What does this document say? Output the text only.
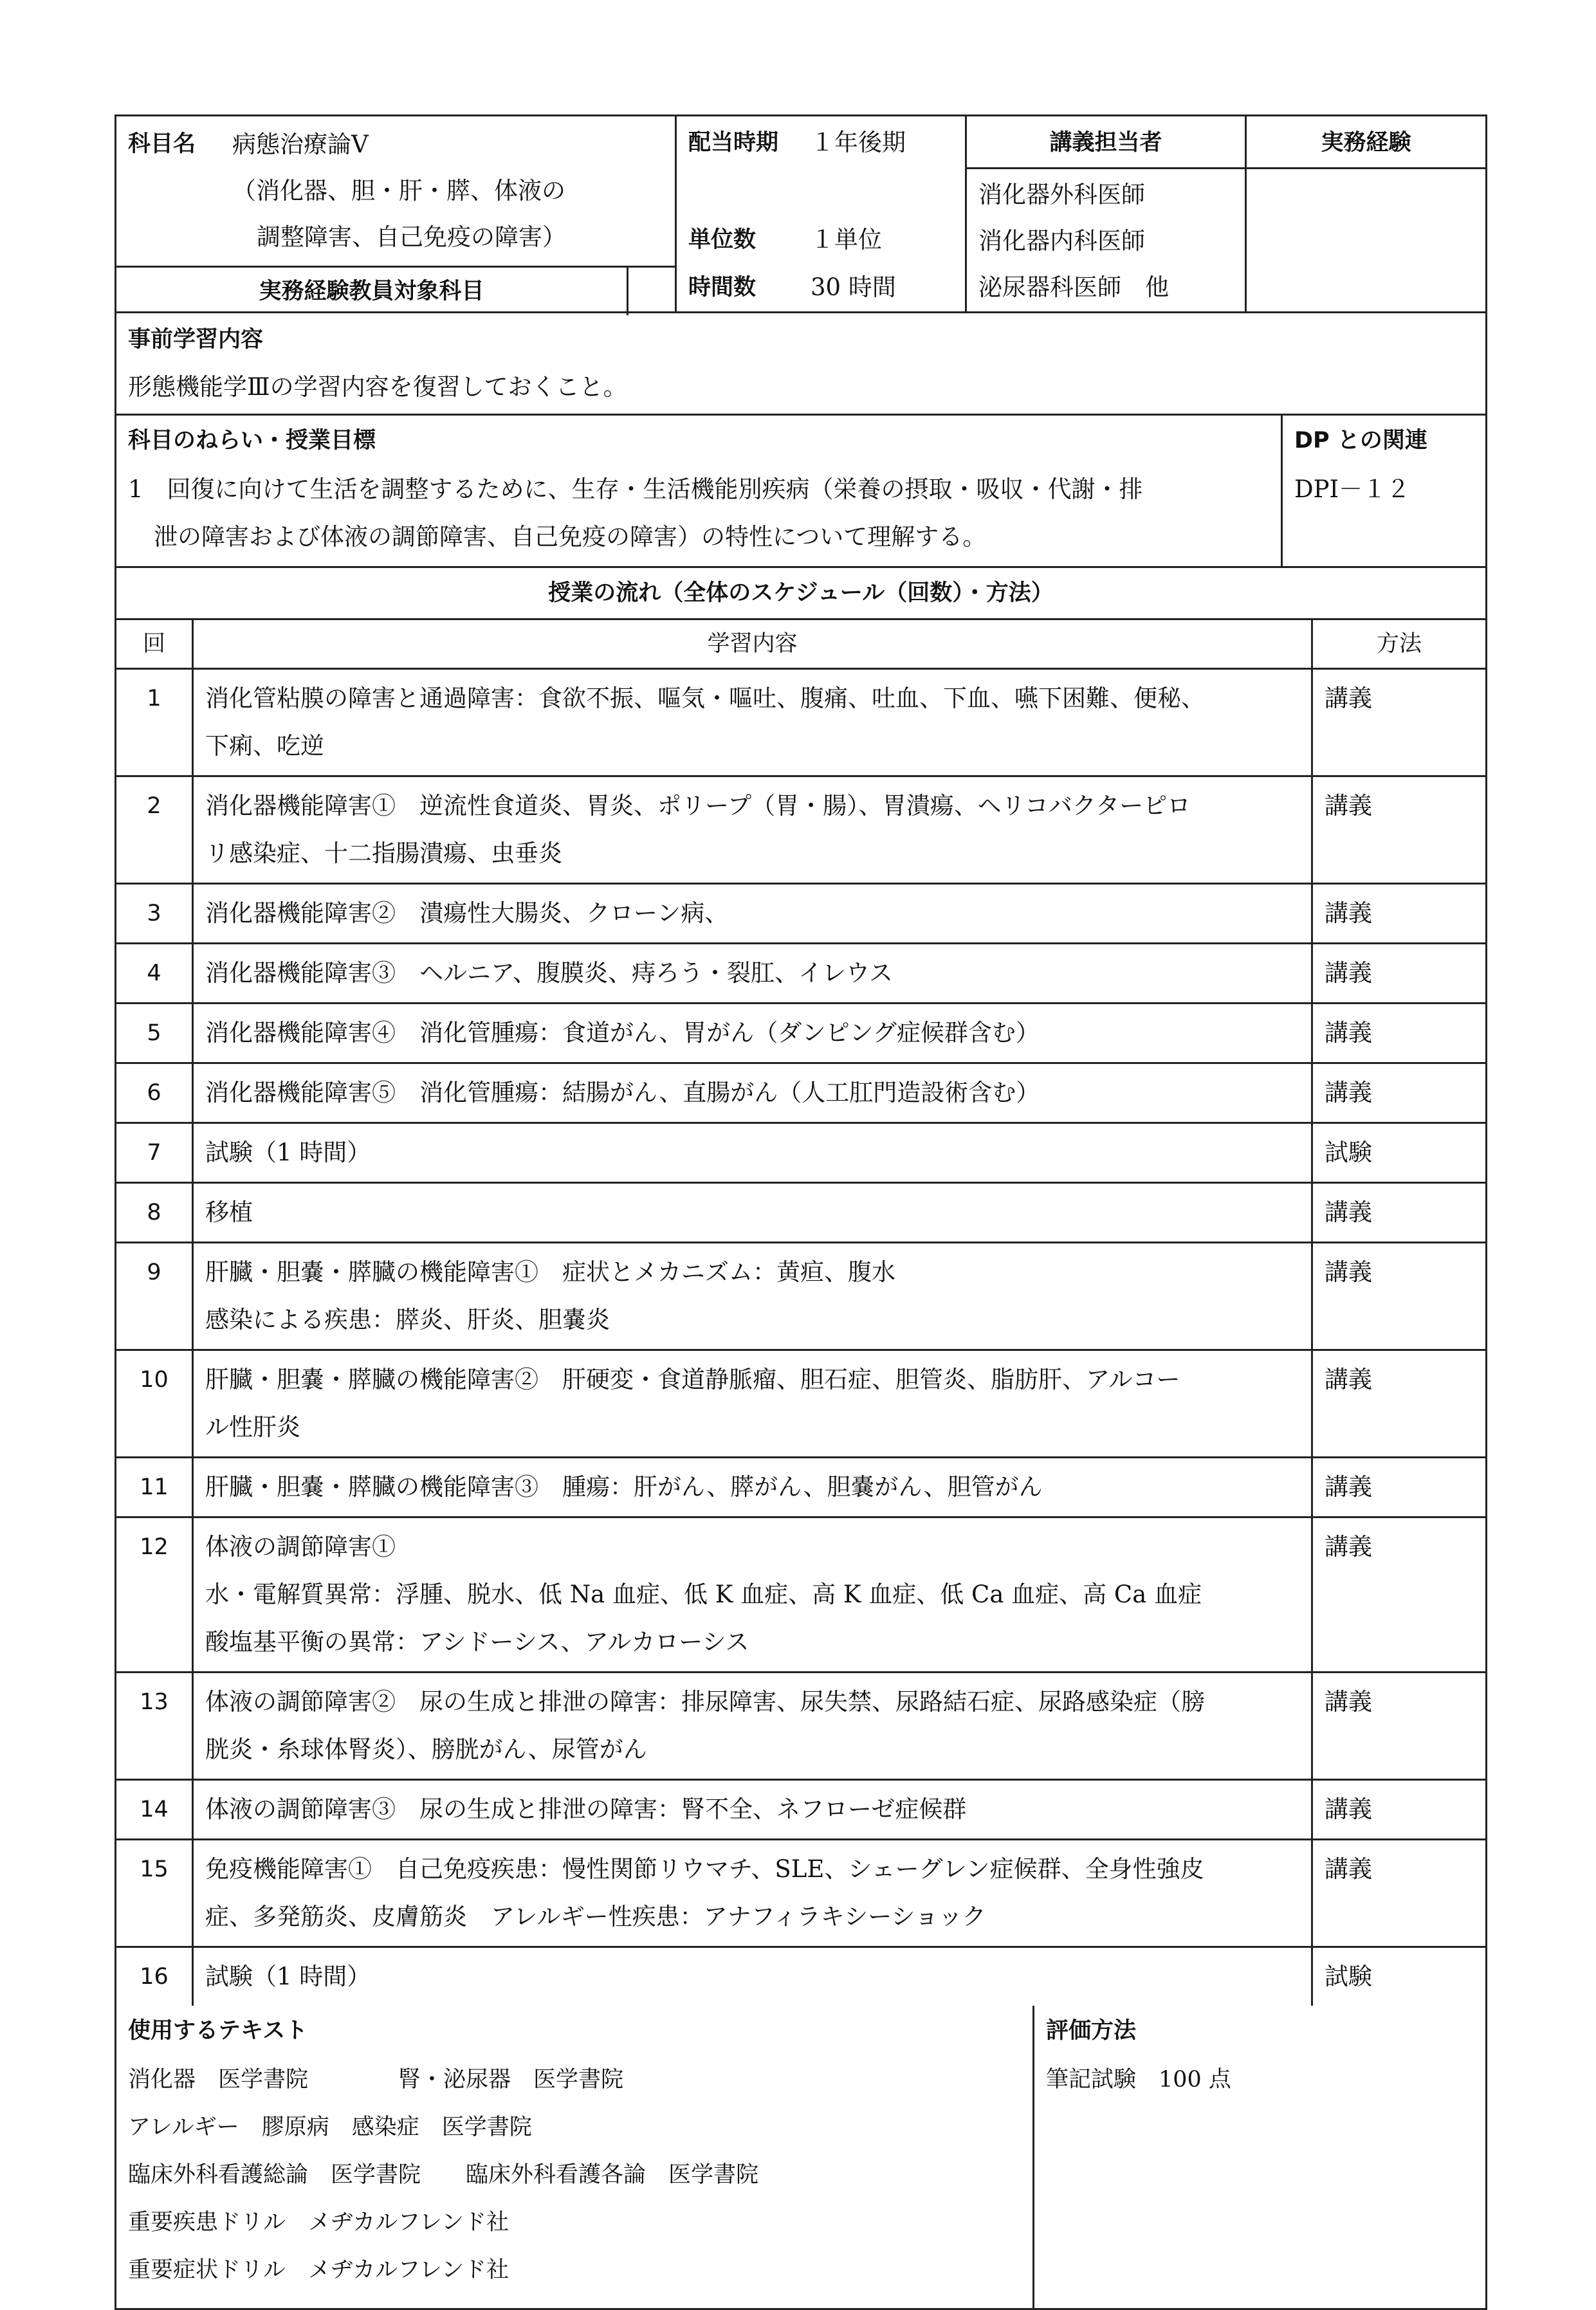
科目名	病態治療論Ⅴ
（消化器、胆・肝・膵、体液の
調整障害、自己免疫の障害）
実務経験教員対象科目
配当時期	１年後期
単位数	１単位
時間数	30 時間
講義担当者
消化器外科医師
消化器内科医師
泌尿器科医師　他
実務経験
事前学習内容
形態機能学Ⅲの学習内容を復習しておくこと。
科目のねらい・授業目標
1　回復に向けて生活を調整するために、生存・生活機能別疾病（栄養の摂取・吸収・代謝・排
泄の障害および体液の調節障害、自己免疫の障害）の特性について理解する。
DP との関連
DPⅠ－１２
授業の流れ（全体のスケジュール（回数）・方法）
回	学習内容	方法
1	消化管粘膜の障害と通過障害：食欲不振、嘔気・嘔吐、腹痛、吐血、下血、嚥下困難、便秘、
下痢、吃逆
講義
2	消化器機能障害①　逆流性食道炎、胃炎、ポリープ（胃・腸）、胃潰瘍、ヘリコバクターピロ
リ感染症、十二指腸潰瘍、虫垂炎
講義
3	消化器機能障害②　潰瘍性大腸炎、クローン病、	講義
4	消化器機能障害③　ヘルニア、腹膜炎、痔ろう・裂肛、イレウス	講義
5	消化器機能障害④　消化管腫瘍：食道がん、胃がん（ダンピング症候群含む）	講義
6	消化器機能障害⑤　消化管腫瘍：結腸がん、直腸がん（人工肛門造設術含む）	講義
7	試験（1 時間）	試験
8	移植	講義
9	肝臓・胆嚢・膵臓の機能障害①　症状とメカニズム：黄疸、腹水
感染による疾患：膵炎、肝炎、胆嚢炎
講義
10	肝臓・胆嚢・膵臓の機能障害②　肝硬変・食道静脈瘤、胆石症、胆管炎、脂肪肝、アルコー
ル性肝炎
講義
11	肝臓・胆嚢・膵臓の機能障害③　腫瘍：肝がん、膵がん、胆嚢がん、胆管がん	講義
12	体液の調節障害①
水・電解質異常：浮腫、脱水、低 Na 血症、低 K 血症、高 K 血症、低 Ca 血症、高 Ca 血症
酸塩基平衡の異常：アシドーシス、アルカローシス
講義
13	体液の調節障害②　尿の生成と排泄の障害：排尿障害、尿失禁、尿路結石症、尿路感染症（膀
胱炎・糸球体腎炎）、膀胱がん、尿管がん
講義
14	体液の調節障害③　尿の生成と排泄の障害：腎不全、ネフローゼ症候群	講義
15	免疫機能障害①　自己免疫疾患：慢性関節リウマチ、SLE、シェーグレン症候群、全身性強皮
症、多発筋炎、皮膚筋炎　アレルギー性疾患：アナフィラキシーショック
講義
16	試験（1 時間）	試験
使用するテキスト
消化器　医学書院	腎・泌尿器　医学書院
アレルギー　膠原病　感染症　医学書院
臨床外科看護総論　医学書院 臨床外科看護各論　医学書院
重要疾患ドリル　メヂカルフレンド社
重要症状ドリル　メヂカルフレンド社
評価方法
筆記試験　100 点
